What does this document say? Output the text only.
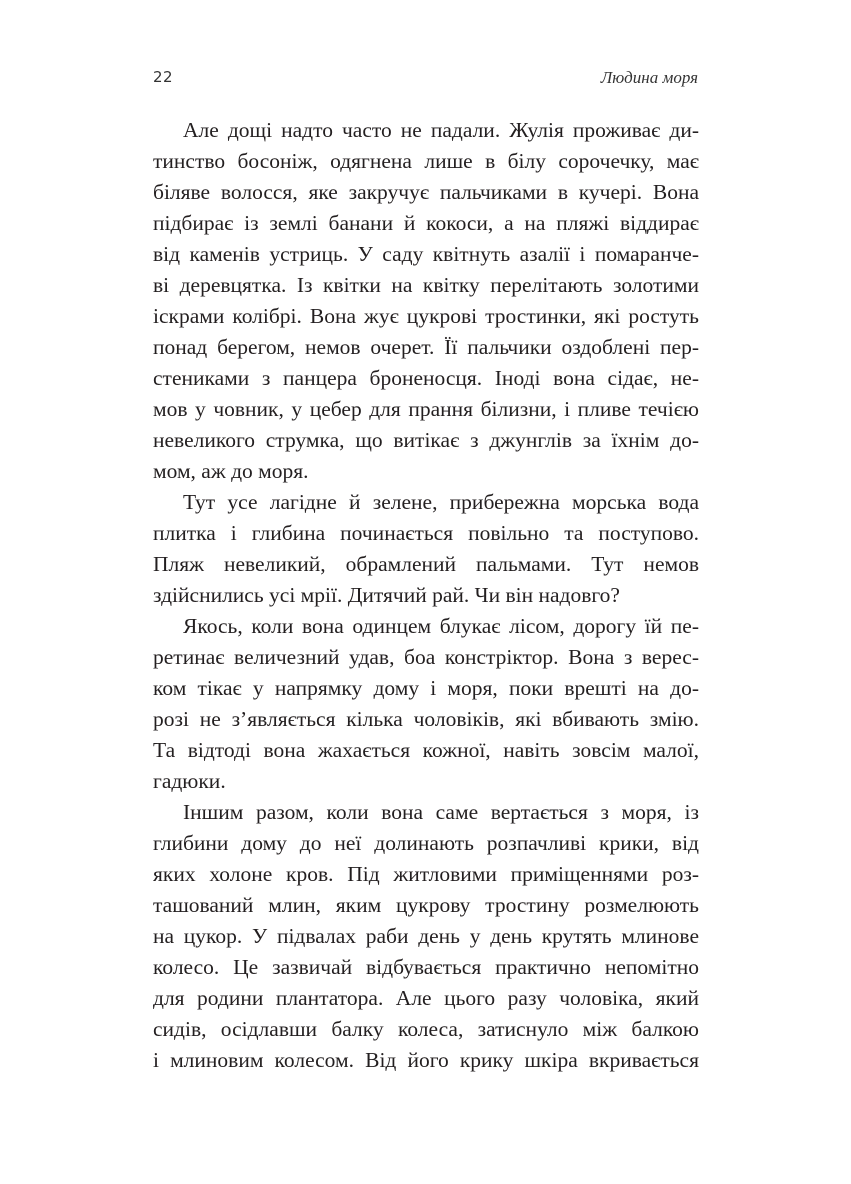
22	Людина моря
Але дощі надто часто не падали. Жулія проживає ди-
тинство босоніж, одягнена лише в білу сорочечку, має
біляве волосся, яке закручує пальчиками в кучері. Вона
підбирає із землі банани й кокоси, а на пляжі віддирає
від каменів устриць. У саду квітнуть азалії і помаранче-
ві деревцятка. Із квітки на квітку перелітають золотими
іскрами колібрі. Вона жує цукрові тростинки, які ростуть
понад берегом, немов очерет. Її пальчики оздоблені пер-
стениками з панцера броненосця. Іноді вона сідає, не-
мов у човник, у цебер для прання білизни, і пливе течією
невеликого струмка, що витікає з джунглів за їхнім до-
мом, аж до моря.
Тут усе лагідне й зелене, прибережна морська вода
плитка і глибина починається повільно та поступово.
Пляж невеликий, обрамлений пальмами. Тут немов
здійснились усі мрії. Дитячий рай. Чи він надовго?
Якось, коли вона одинцем блукає лісом, дорогу їй пе-
ретинає величезний удав, боа констріктор. Вона з верес-
ком тікає у напрямку дому і моря, поки врешті на до-
розі не з’являється кілька чоловіків, які вбивають змію.
Та відтоді вона жахається кожної, навіть зовсім малої,
гадюки.
Іншим разом, коли вона саме вертається з моря, із
глибини дому до неї долинають розпачливі крики, від
яких холоне кров. Під житловими приміщеннями роз-
ташований млин, яким цукрову тростину розмелюють
на цукор. У підвалах раби день у день крутять млинове
колесо. Це зазвичай відбувається практично непомітно
для родини плантатора. Але цього разу чоловіка, який
сидів, осідлавши балку колеса, затиснуло між балкою
і млиновим колесом. Від його крику шкіра вкривається
